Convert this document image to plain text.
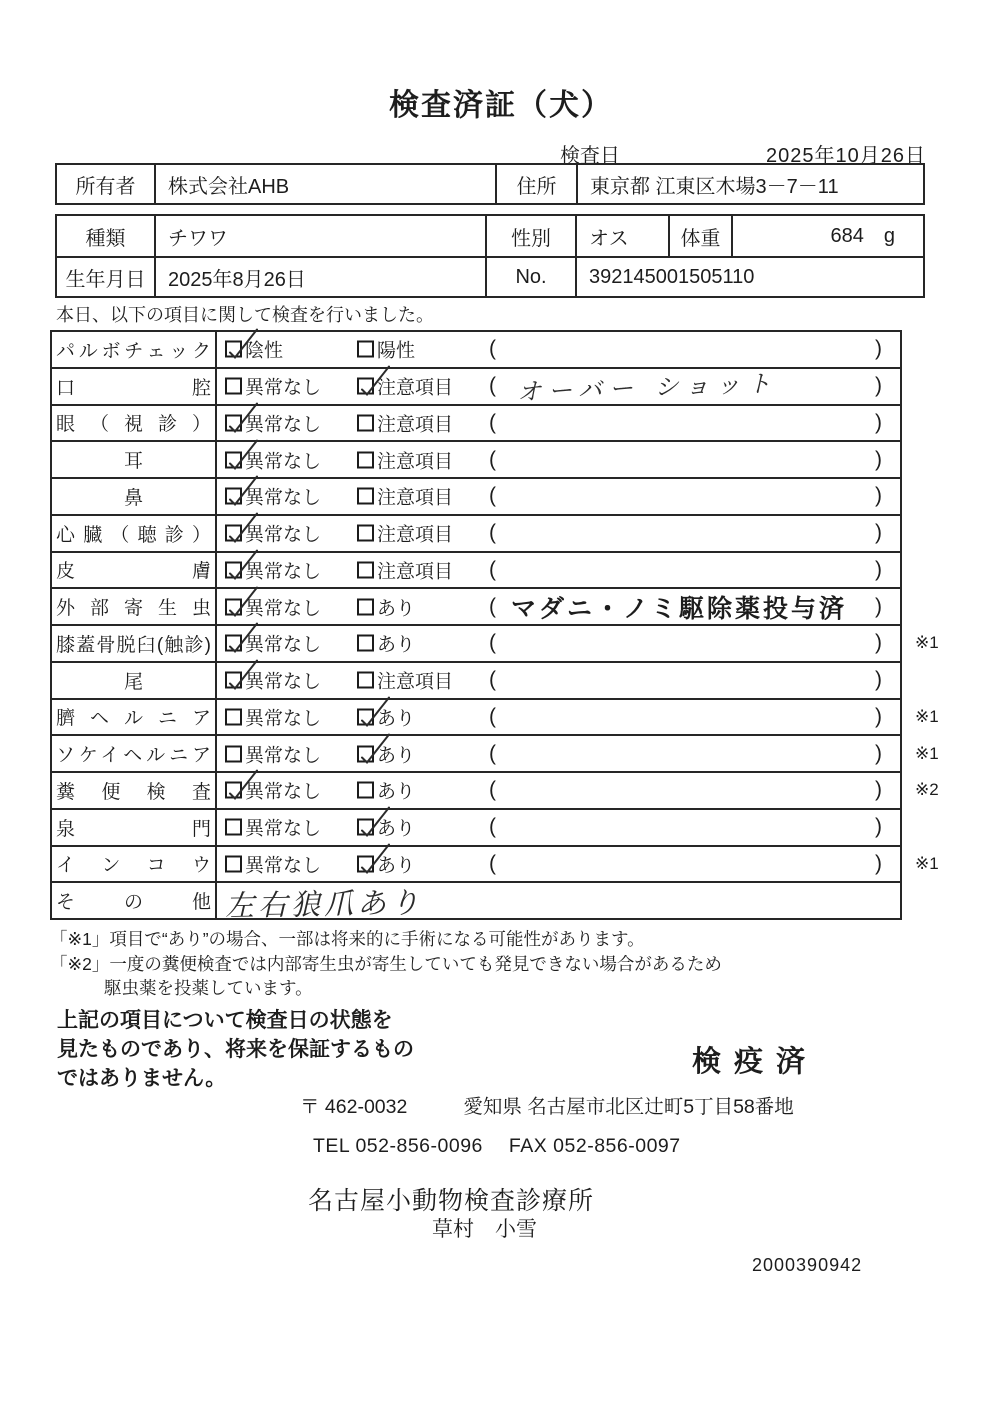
検査済証（犬）
検査日	2025年10月26日
所有者	株式会社AHB	住所	東京都 江東区木場3－7－11
種類	チワワ	性別	オス	体重	684 g
生年月日	2025年8月26日	No.	392145001505110
本日、以下の項目に関して検査を行いました。
パルボチェック 陰性	陽性	(	)
口腔 異常なし	注意項目 ( オーバー ショット	)
眼（視診） 異常なし	注意項目 (	)
耳	異常なし	注意項目 (	)
鼻	異常なし	注意項目 (	)
心臓（聴診） 異常なし	注意項目 (	)
皮膚 異常なし	注意項目 (	)
外部寄生虫 異常なし	あり	( マダニ・ノミ駆除薬投与済 )
膝蓋骨脱臼(触診) 異常なし	あり	(	) ※1
尾	異常なし	注意項目 (	)
臍ヘルニア 異常なし	あり	(	) ※1
ソケイヘルニア 異常なし	あり	(	) ※1
糞便検査 異常なし	あり	(	) ※2
泉門 異常なし	あり	(	)
インコウ 異常なし	あり	(	) ※1
その他 左右狼爪あり
「※1」項目で“あり”の場合、一部は将来的に手術になる可能性があります。
「※2」一度の糞便検査では内部寄生虫が寄生していても発見できない場合があるため
駆虫薬を投薬しています。
上記の項目について検査日の状態を
見たものであり、将来を保証するもの
ではありません。
検疫済
〒 462-0032	愛知県 名古屋市北区辻町5丁目58番地
TEL 052-856-0096 FAX 052-856-0097
名古屋小動物検査診療所
草村　小雪
2000390942
